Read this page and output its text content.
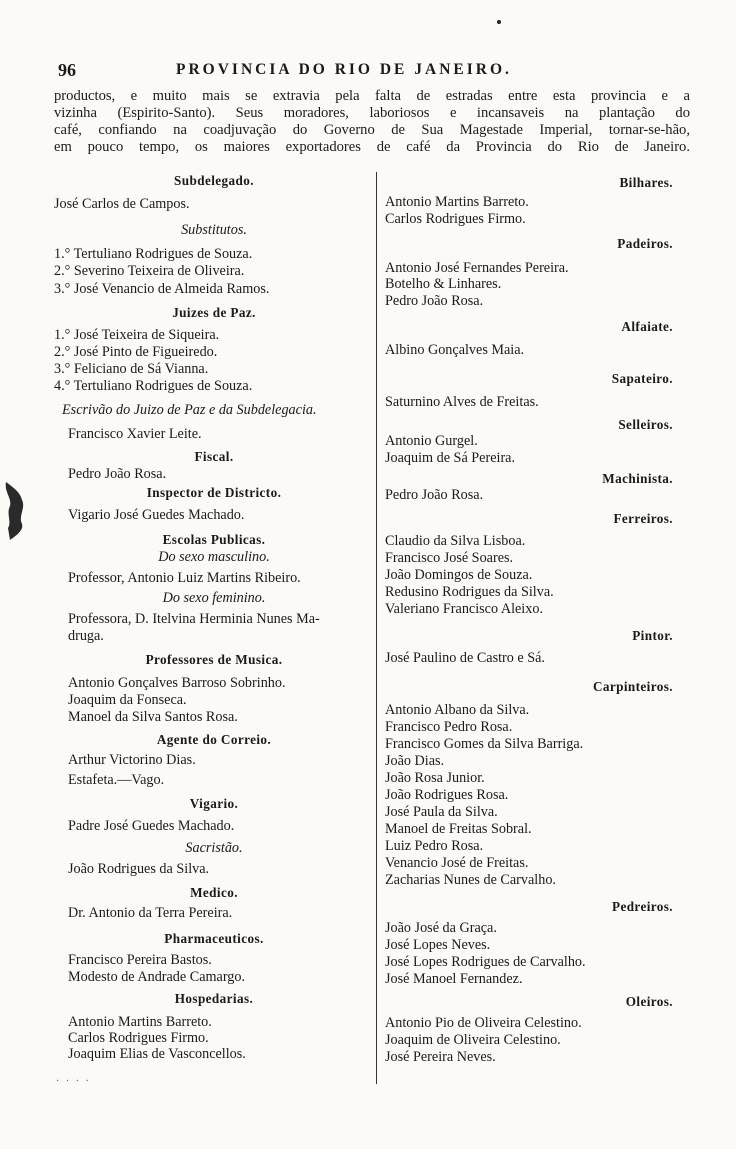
96	PROVINCIA DO RIO DE JANEIRO.
productos, e muito mais se extravia pela falta de estradas entre esta provincia e a
vizinha (Espirito-Santo). Seus moradores, laboriosos e incansaveis na plantação do
café, confiando na coadjuvação do Governo de Sua Magestade Imperial, tornar-se-hão,
em pouco tempo, os maiores exportadores de café da Provincia do Rio de Janeiro.
Subdelegado.
José Carlos de Campos.
Substitutos.
1.° Tertuliano Rodrigues de Souza.
2.° Severino Teixeira de Oliveira.
3.° José Venancio de Almeida Ramos.
Juizes de Paz.
1.° José Teixeira de Siqueira.
2.° José Pinto de Figueiredo.
3.° Feliciano de Sá Vianna.
4.° Tertuliano Rodrigues de Souza.
Escrivão do Juizo de Paz e da Subdelegacia.
Francisco Xavier Leite.
Fiscal.
Pedro João Rosa.
Inspector de Districto.
Vigario José Guedes Machado.
Escolas Publicas.
Do sexo masculino.
Professor, Antonio Luiz Martins Ribeiro.
Do sexo feminino.
Professora, D. Itelvina Herminia Nunes Ma-
druga.
Professores de Musica.
Antonio Gonçalves Barroso Sobrinho.
Joaquim da Fonseca.
Manoel da Silva Santos Rosa.
Agente do Correio.
Arthur Victorino Dias.
Estafeta.—Vago.
Vigario.
Padre José Guedes Machado.
Sacristão.
João Rodrigues da Silva.
Medico.
Dr. Antonio da Terra Pereira.
Pharmaceuticos.
Francisco Pereira Bastos.
Modesto de Andrade Camargo.
Hospedarias.
Antonio Martins Barreto.
Carlos Rodrigues Firmo.
Joaquim Elias de Vasconcellos.
Bilhares.
Antonio Martins Barreto.
Carlos Rodrigues Firmo.
Padeiros.
Antonio José Fernandes Pereira.
Botelho & Linhares.
Pedro João Rosa.
Alfaiate.
Albino Gonçalves Maia.
Sapateiro.
Saturnino Alves de Freitas.
Selleiros.
Antonio Gurgel.
Joaquim de Sá Pereira.
Machinista.
Pedro João Rosa.
Ferreiros.
Claudio da Silva Lisboa.
Francisco José Soares.
João Domingos de Souza.
Redusino Rodrigues da Silva.
Valeriano Francisco Aleixo.
Pintor.
José Paulino de Castro e Sá.
Carpinteiros.
Antonio Albano da Silva.
Francisco Pedro Rosa.
Francisco Gomes da Silva Barriga.
João Dias.
João Rosa Junior.
João Rodrigues Rosa.
José Paula da Silva.
Manoel de Freitas Sobral.
Luiz Pedro Rosa.
Venancio José de Freitas.
Zacharias Nunes de Carvalho.
Pedreiros.
João José da Graça.
José Lopes Neves.
José Lopes Rodrigues de Carvalho.
José Manoel Fernandez.
Oleiros.
Antonio Pio de Oliveira Celestino.
Joaquim de Oliveira Celestino.
José Pereira Neves.
· · · ·
